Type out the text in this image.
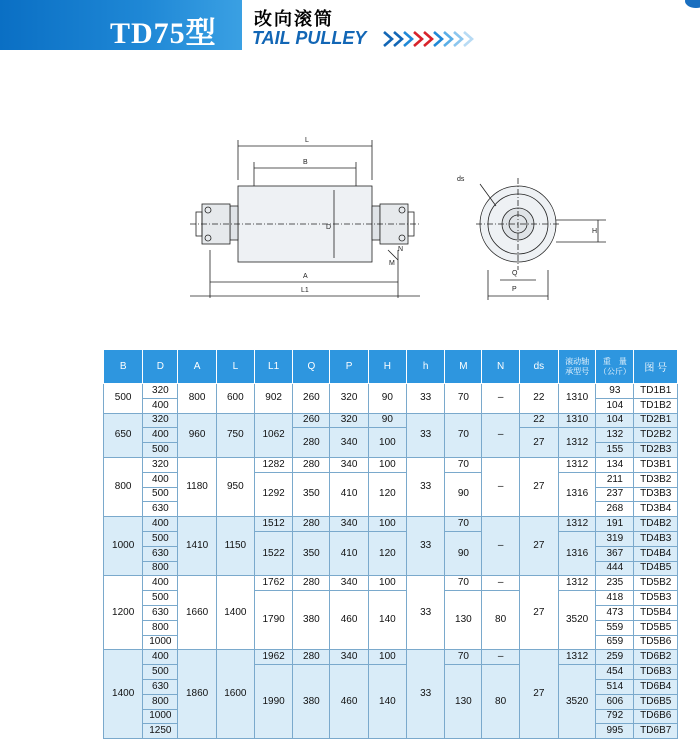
TD75型 改向滚筒
TAIL PULLEY
L
B
D
A
L1
N
M
ds
H
Q
P
B	D	A	L	L1	Q	P	H	h	M	N	ds	滚动轴
承型号	重　量
（公斤）	图 号
500	320	800	600	902	260	320	90	33	70	–	22	1310	93	TD1B1
	400												104	TD1B2
650	320	960	750	1062	260	320	90	33	70	–	22	1310	104	TD2B1
	400				280	340	100				27	1312	132	TD2B2
	500												155	TD2B3
800	320	1180	950	1282	280	340	100	33	70	–	27	1312	134	TD3B1
	400			1292	350	410	120		90			1316	211	TD3B2
	500												237	TD3B3
	630												268	TD3B4
1000	400	1410	1150	1512	280	340	100	33	70	–	27	1312	191	TD4B2
	500			1522	350	410	120		90			1316	319	TD4B3
	630												367	TD4B4
	800												444	TD4B5
1200	400	1660	1400	1762	280	340	100	33	70	–	27	1312	235	TD5B2
	500			1790	380	460	140		130	80		3520	418	TD5B3
	630												473	TD5B4
	800												559	TD5B5
	1000												659	TD5B6
1400	400	1860	1600	1962	280	340	100	33	70	–	27	1312	259	TD6B2
	500			1990	380	460	140		130	80		3520	454	TD6B3
	630												514	TD6B4
	800												606	TD6B5
	1000												792	TD6B6
	1250												995	TD6B7
